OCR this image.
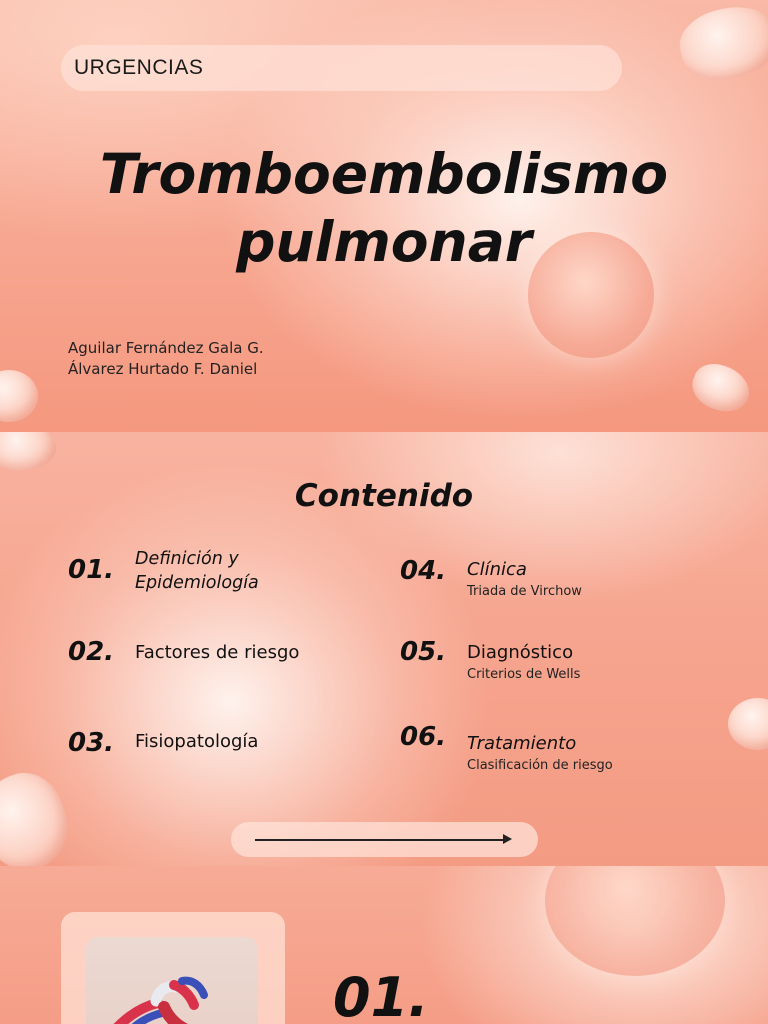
URGENCIAS
Tromboembolismo
pulmonar
Aguilar Fernández Gala G.
Álvarez Hurtado F. Daniel
Contenido
01.	Definición y
Epidemiología
02.	Factores de riesgo
03.	Fisiopatología
04.	Clínica
Triada de Virchow
05.	Diagnóstico
Criterios de Wells
06.	Tratamiento
Clasificación de riesgo
01.
